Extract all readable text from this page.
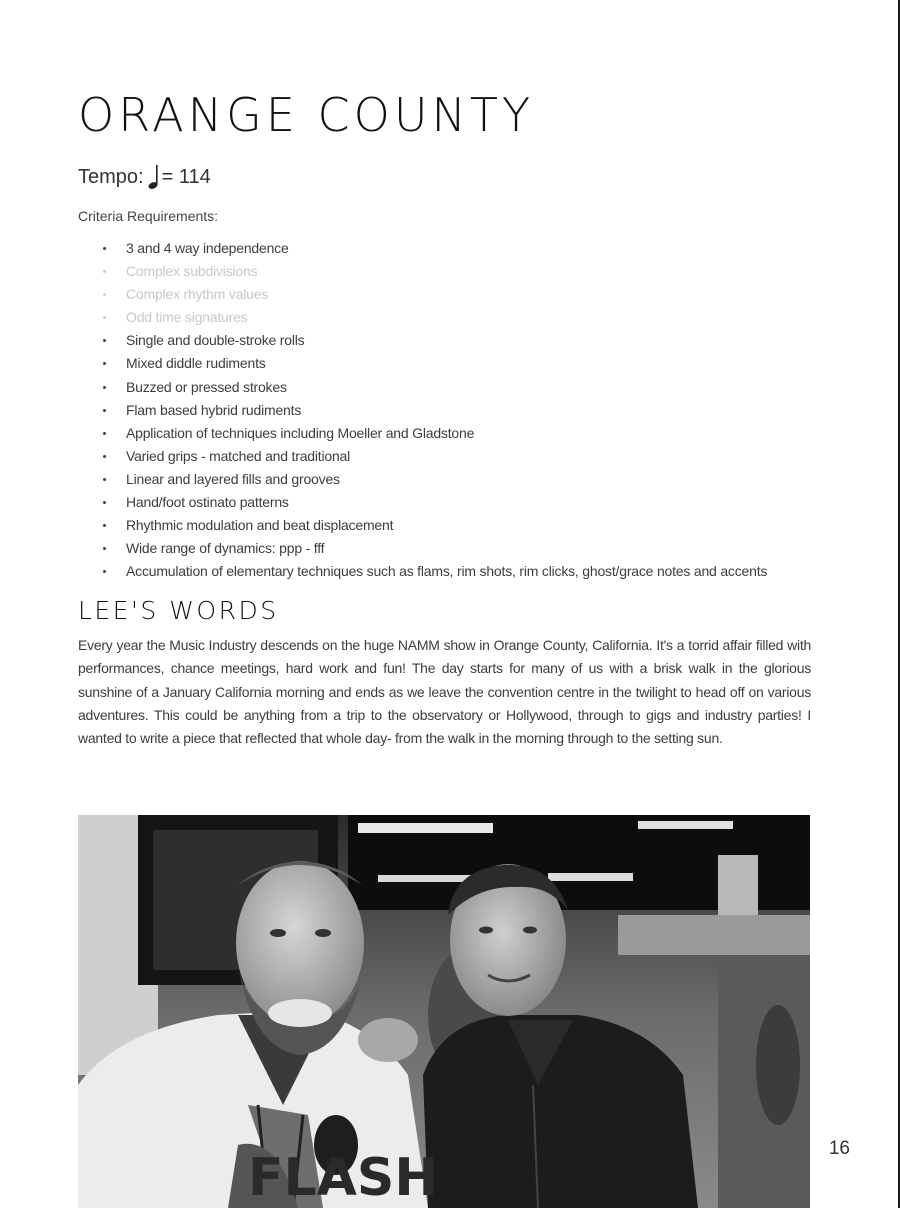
ORANGE COUNTY
Tempo: = 114
Criteria Requirements:
3 and 4 way independence
Complex subdivisions
Complex rhythm values
Odd time signatures
Single and double-stroke rolls
Mixed diddle rudiments
Buzzed or pressed strokes
Flam based hybrid rudiments
Application of techniques including Moeller and Gladstone
Varied grips - matched and traditional
Linear and layered fills and grooves
Hand/foot ostinato patterns
Rhythmic modulation and beat displacement
Wide range of dynamics: ppp - fff
Accumulation of elementary techniques such as flams, rim shots, rim clicks, ghost/grace notes and accents
LEE'S WORDS

Every year the Music Industry descends on the huge NAMM show in Orange County, California. It's a torrid affair filled with performances, chance meetings, hard work and fun! The day starts for many of us with a brisk walk in the glorious sunshine of a January California morning and ends as we leave the convention centre in the twilight to head off on various adventures. This could be anything from a trip to the observatory or Hollywood, through to gigs and industry parties! I wanted to write a piece that reflected that whole day- from the walk in the morning through to the setting sun.

FLASH	16
